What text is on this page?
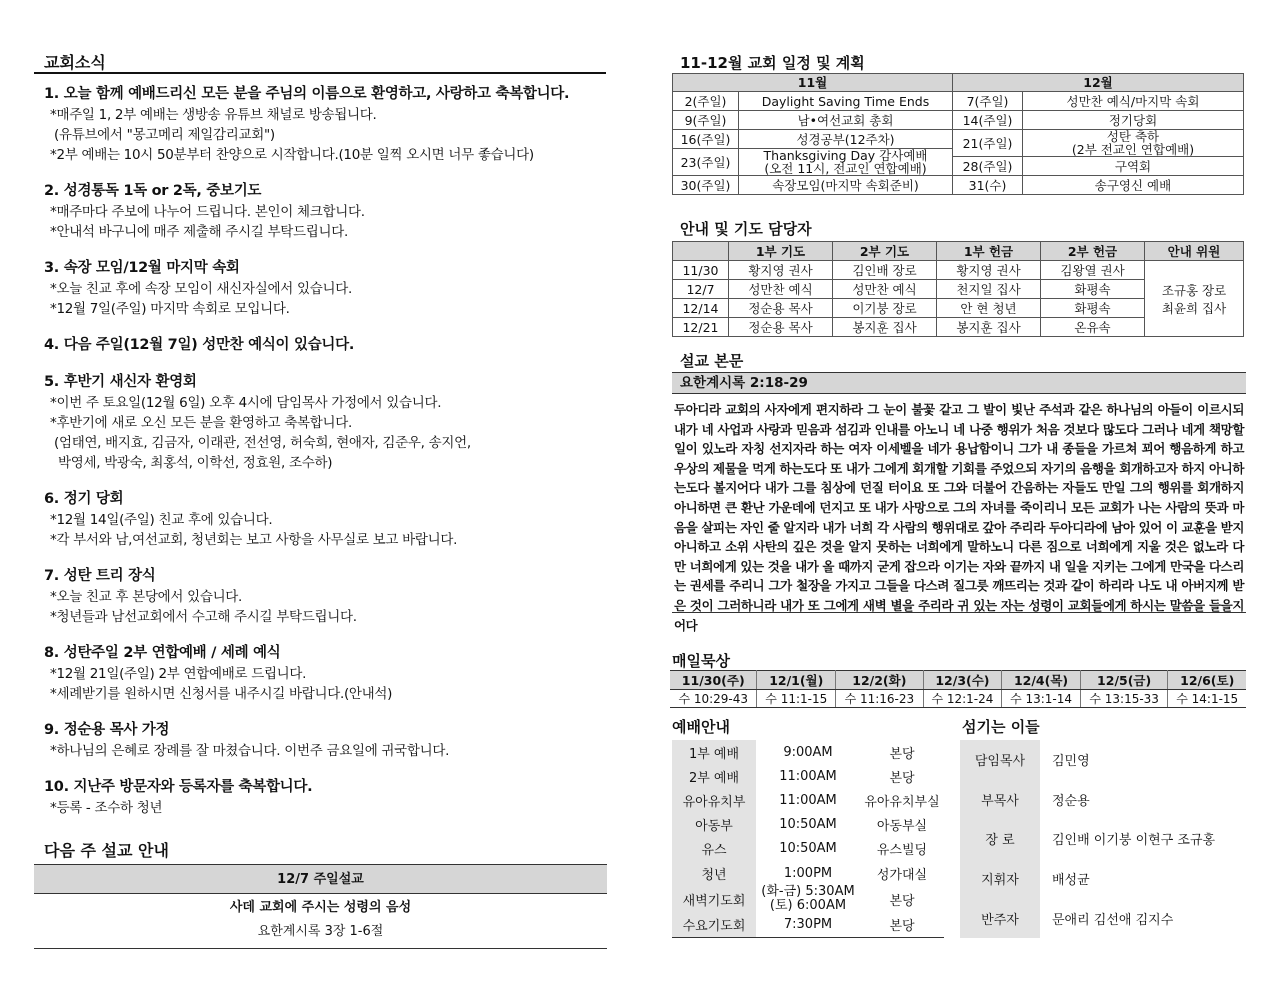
교회소식
1. 오늘 함께 예배드리신 모든 분을 주님의 이름으로 환영하고, 사랑하고 축복합니다.
*매주일 1, 2부 예배는 생방송 유튜브 채널로 방송됩니다.
(유튜브에서 "몽고메리 제일감리교회")
*2부 예배는 10시 50분부터 찬양으로 시작합니다.(10분 일찍 오시면 너무 좋습니다)
2. 성경통독 1독 or 2독, 중보기도
*매주마다 주보에 나누어 드립니다. 본인이 체크합니다.
*안내석 바구니에 매주 제출해 주시길 부탁드립니다.
3. 속장 모임/12월 마지막 속회
*오늘 친교 후에 속장 모임이 새신자실에서 있습니다.
*12월 7일(주일) 마지막 속회로 모입니다.
4. 다음 주일(12월 7일) 성만찬 예식이 있습니다.
5. 후반기 새신자 환영회
*이번 주 토요일(12월 6일) 오후 4시에 담임목사 가정에서 있습니다.
*후반기에 새로 오신 모든 분을 환영하고 축복합니다.
(엄태연, 배지효, 김금자, 이래관, 전선영, 허숙희, 현애자, 김준우, 송지언,
박영세, 박광숙, 최홍석, 이학선, 정효원, 조수하)
6. 정기 당회
*12월 14일(주일) 친교 후에 있습니다.
*각 부서와 남,여선교회, 청년회는 보고 사항을 사무실로 보고 바랍니다.
7. 성탄 트리 장식
*오늘 친교 후 본당에서 있습니다.
*청년들과 남선교회에서 수고해 주시길 부탁드립니다.
8. 성탄주일 2부 연합예배 / 세례 예식
*12월 21일(주일) 2부 연합예배로 드립니다.
*세례받기를 원하시면 신청서를 내주시길 바랍니다.(안내석)
9. 정순용 목사 가정
*하나님의 은혜로 장례를 잘 마쳤습니다. 이번주 금요일에 귀국합니다.
10. 지난주 방문자와 등록자를 축복합니다.
*등록 - 조수하 청년
다음 주 설교 안내
12/7 주일설교
사데 교회에 주시는 성령의 음성
요한계시록 3장 1-6절
11-12월 교회 일정 및 계획
11월		12월	
2(주일)	Daylight Saving Time Ends	7(주일)	성만찬 예식/마지막 속회
9(주일)	남•여선교회 총회	14(주일)	정기당회
16(주일)	성경공부(12주차)	21(주일)	성탄 축하
(2부 전교인 연합예배)
23(주일)	Thanksgiving Day 감사예배
(오전 11시, 전교인 연합예배)		
		28(주일)	구역회
30(주일)	속장모임(마지막 속회준비)	31(수)	송구영신 예배
안내 및 기도 담당자
	1부 기도	2부 기도	1부 헌금	2부 헌금	안내 위원
11/30	황지영 권사	김인배 장로	황지영 권사	김왕열 권사	조규홍 장로
최윤희 집사

12/7	성만찬 예식	성만찬 예식	천지일 집사	화평속	
12/14	정순용 목사	이기붕 장로	안 현 청년	화평속	
12/21	정순용 목사	봉지훈 집사	봉지훈 집사	온유속	
설교 본문
요한계시록 2:18-29
두아디라 교회의 사자에게 편지하라 그 눈이 불꽃 같고 그 발이 빛난 주석과 같은 하나님의 아들이 이르시되 내가 네 사업과 사랑과 믿음과 섬김과 인내를 아노니 네 나중 행위가 처음 것보다 많도다 그러나 네게 책망할 일이 있노라 자칭 선지자라 하는 여자 이세벨을 네가 용납함이니 그가 내 종들을 가르쳐 꾀어 행음하게 하고 우상의 제물을 먹게 하는도다 또 내가 그에게 회개할 기회를 주었으되 자기의 음행을 회개하고자 하지 아니하는도다 볼지어다 내가 그를 침상에 던질 터이요 또 그와 더불어 간음하는 자들도 만일 그의 행위를 회개하지 아니하면 큰 환난 가운데에 던지고 또 내가 사망으로 그의 자녀를 죽이리니 모든 교회가 나는 사람의 뜻과 마음을 살피는 자인 줄 알지라 내가 너희 각 사람의 행위대로 갚아 주리라 두아디라에 남아 있어 이 교훈을 받지 아니하고 소위 사탄의 깊은 것을 알지 못하는 너희에게 말하노니 다른 짐으로 너희에게 지울 것은 없노라 다만 너희에게 있는 것을 내가 올 때까지 굳게 잡으라 이기는 자와 끝까지 내 일을 지키는 그에게 만국을 다스리는 권세를 주리니 그가 철장을 가지고 그들을 다스려 질그릇 깨뜨리는 것과 같이 하리라 나도 내 아버지께 받은 것이 그러하니라 내가 또 그에게 새벽 별을 주리라 귀 있는 자는 성령이 교회들에게 하시는 말씀을 들을지어다
매일묵상
11/30(주)	12/1(월)	12/2(화)	12/3(수)	12/4(목)	12/5(금)	12/6(토)
수 10:29-43	수 11:1-15	수 11:16-23	수 12:1-24	수 13:1-14	수 13:15-33	수 14:1-15
예배안내
1부 예배	9:00AM	본당
2부 예배	11:00AM	본당
유아유치부	11:00AM	유아유치부실
아동부	10:50AM	아동부실
유스	10:50AM	유스빌딩
청년	1:00PM	성가대실
새벽기도회	(화-금) 5:30AM
(토) 6:00AM	본당
수요기도회	7:30PM	본당
섬기는 이들
담임목사	김민영
부목사	정순용
장 로	김인배 이기붕 이현구 조규홍
지휘자	배성균
반주자	문애리 김선애 김지수
